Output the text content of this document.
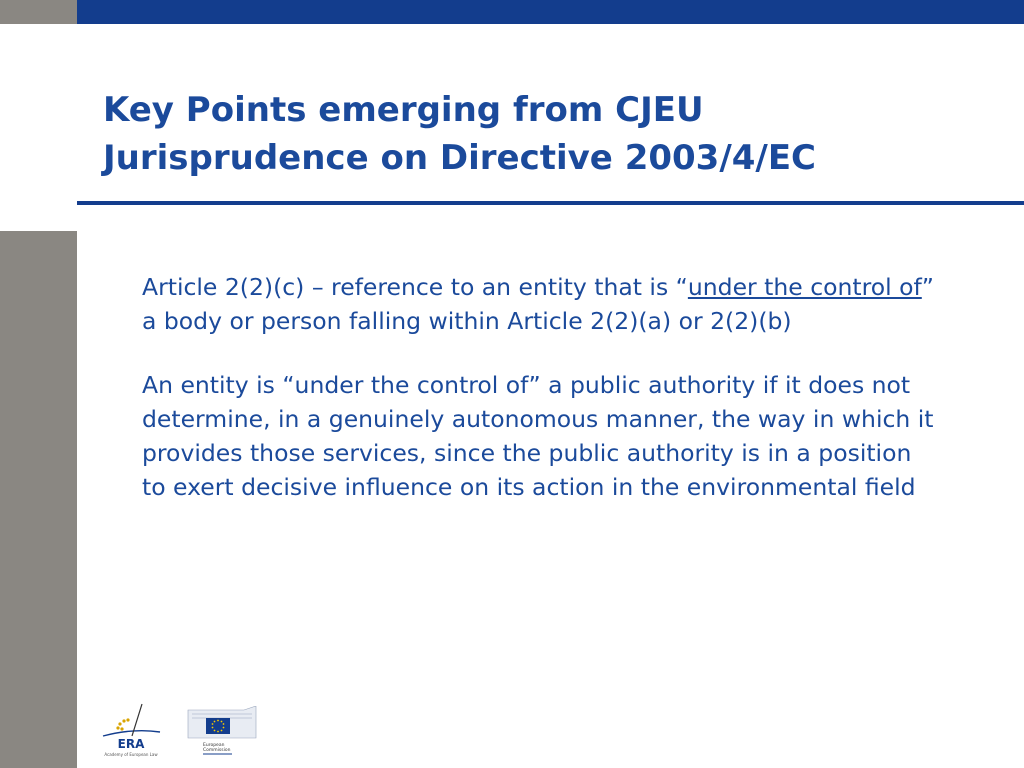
Key Points emerging from CJEU
Jurisprudence on Directive 2003/4/EC

Article 2(2)(c) – reference to an entity that is “under the control of” a body or person falling within Article 2(2)(a) or 2(2)(b)

An entity is “under the control of” a public authority if it does not determine, in a genuinely autonomous manner, the way in which it provides those services, since the public authority is in a position to exert decisive influence on its action in the environmental field

ERA
Academy of European Law
European
Commission
